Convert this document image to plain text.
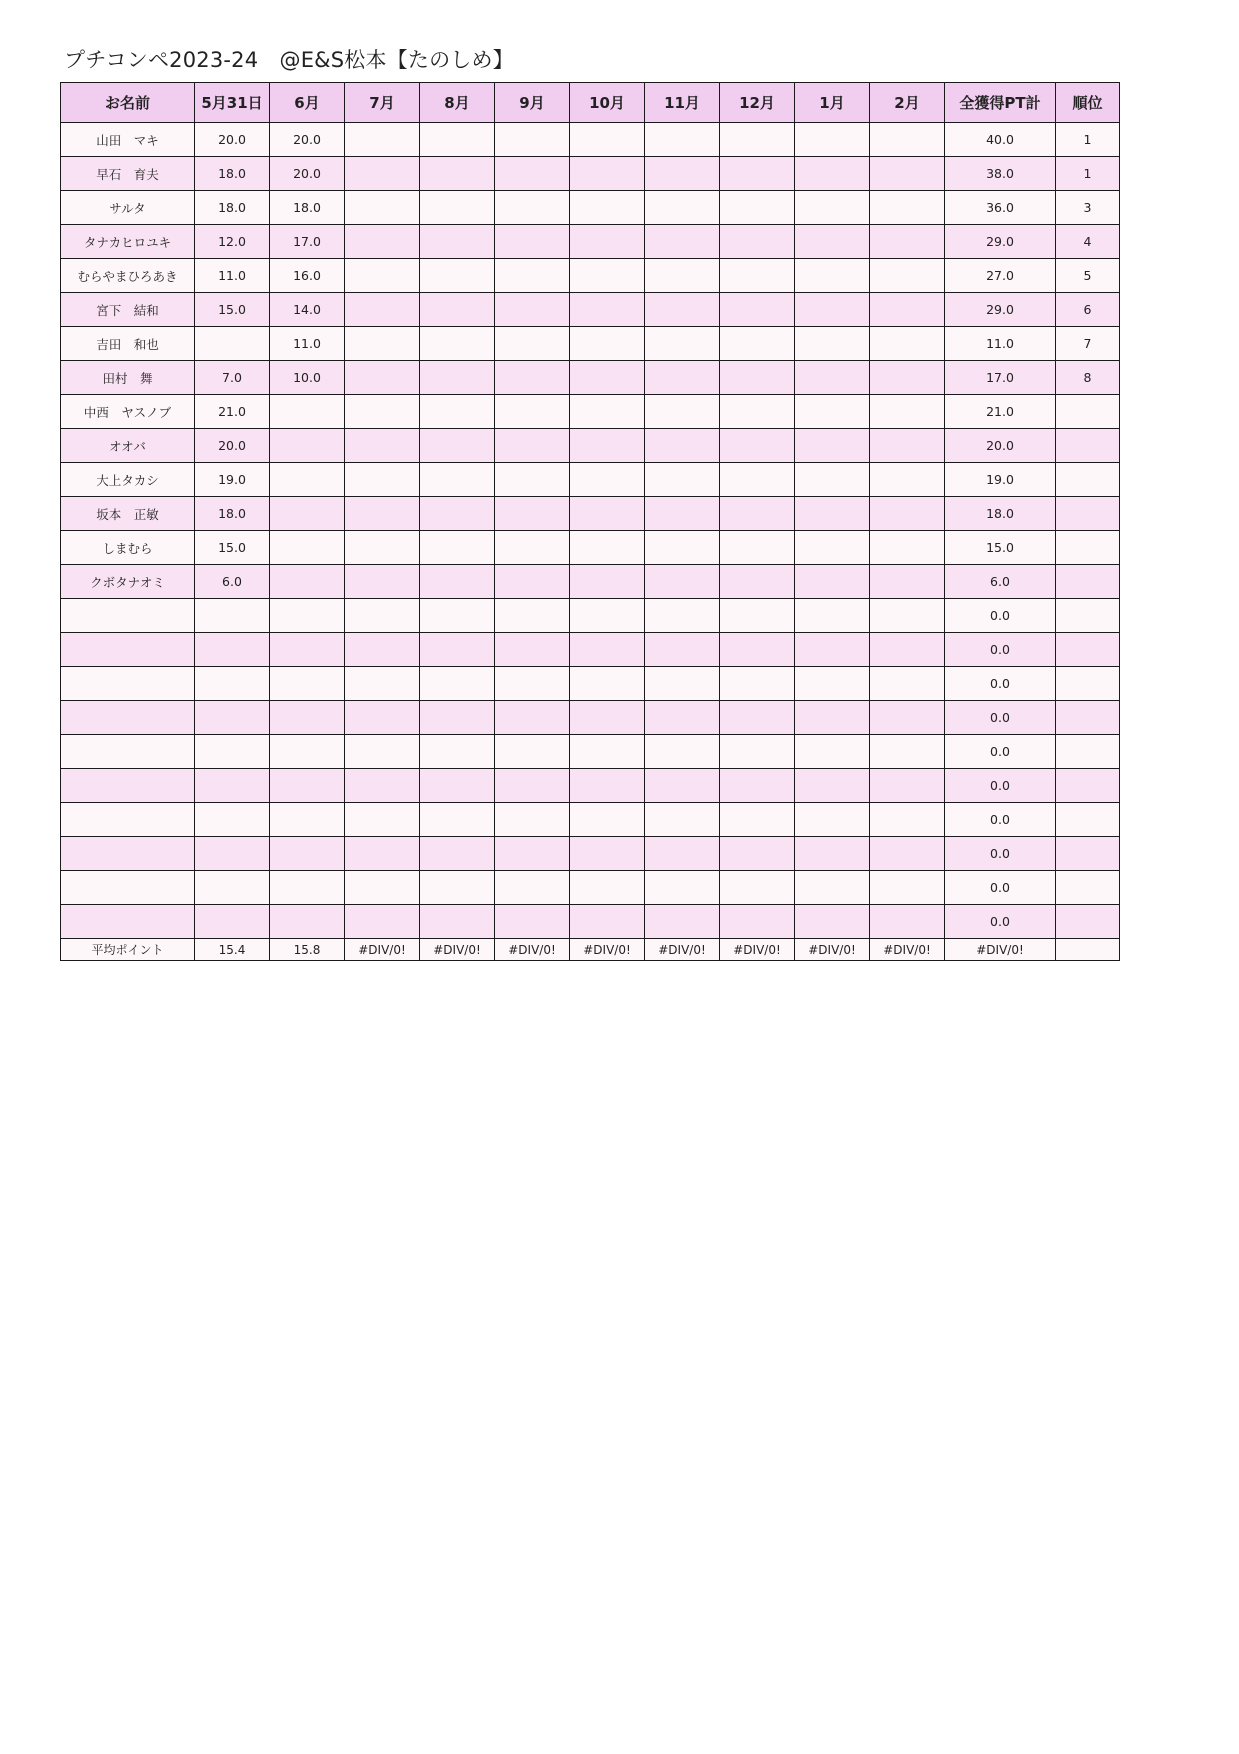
プチコンペ2023-24　@E&S松本【たのしめ】
お名前	5月31日	6月	7月	8月	9月	10月	11月	12月	1月	2月	全獲得PT計	順位
山田　マキ	20.0	20.0									40.0	1
早石　育夫	18.0	20.0									38.0	1
サルタ	18.0	18.0									36.0	3
タナカヒロユキ	12.0	17.0									29.0	4
むらやまひろあき	11.0	16.0									27.0	5
宮下　結和	15.0	14.0									29.0	6
吉田　和也		11.0									11.0	7
田村　舞	7.0	10.0									17.0	8
中西　ヤスノブ	21.0										21.0	
オオバ	20.0										20.0	
大上タカシ	19.0										19.0	
坂本　正敏	18.0										18.0	
しまむら	15.0										15.0	
クボタナオミ	6.0										6.0	
											0.0	
											0.0	
											0.0	
											0.0	
											0.0	
											0.0	
											0.0	
											0.0	
											0.0	
											0.0	
平均ポイント	15.4	15.8	#DIV/0!	#DIV/0!	#DIV/0!	#DIV/0!	#DIV/0!	#DIV/0!	#DIV/0!	#DIV/0!	#DIV/0!	
